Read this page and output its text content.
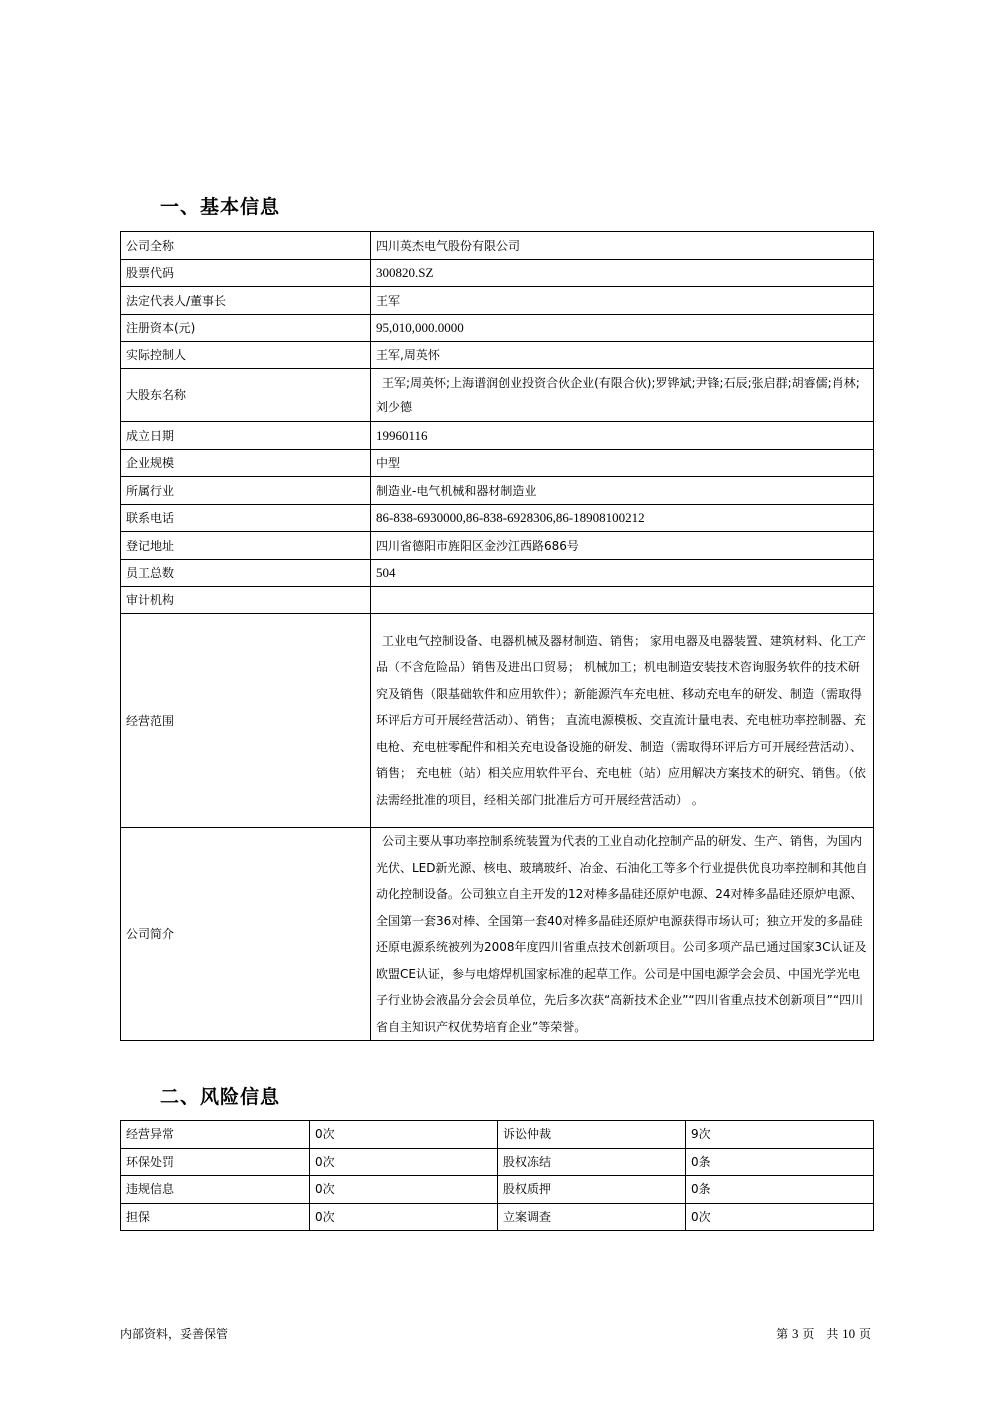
一、基本信息
公司全称	四川英杰电气股份有限公司
股票代码	300820.SZ
法定代表人/董事长	王军
注册资本(元)	95,010,000.0000
实际控制人	王军,周英怀
大股东名称	王军;周英怀;上海谱润创业投资合伙企业(有限合伙);罗铧斌;尹锋;石辰;张启群;胡睿儒;肖林;刘少德
成立日期	19960116
企业规模	中型
所属行业	制造业-电气机械和器材制造业
联系电话	86-838-6930000,86-838-6928306,86-18908100212
登记地址	四川省德阳市旌阳区金沙江西路686号
员工总数	504
审计机构	
经营范围	工业电气控制设备、电器机械及器材制造、销售； 家用电器及电器装置、建筑材料、化工产品（不含危险品）销售及进出口贸易； 机械加工；机电制造安装技术咨询服务软件的技术研究及销售（限基础软件和应用软件）；新能源汽车充电桩、移动充电车的研发、制造（需取得环评后方可开展经营活动）、销售； 直流电源模板、交直流计量电表、充电桩功率控制器、充电枪、充电桩零配件和相关充电设备设施的研发、制造（需取得环评后方可开展经营活动）、销售； 充电桩（站）相关应用软件平台、充电桩（站）应用解决方案技术的研究、销售。（依法需经批准的项目，经相关部门批准后方可开展经营活动） 。
公司简介	公司主要从事功率控制系统装置为代表的工业自动化控制产品的研发、生产、销售，为国内光伏、LED新光源、核电、玻璃玻纤、冶金、石油化工等多个行业提供优良功率控制和其他自动化控制设备。公司独立自主开发的12对棒多晶硅还原炉电源、24对棒多晶硅还原炉电源、全国第一套36对棒、全国第一套40对棒多晶硅还原炉电源获得市场认可；独立开发的多晶硅还原电源系统被列为2008年度四川省重点技术创新项目。公司多项产品已通过国家3C认证及欧盟CE认证，参与电熔焊机国家标准的起草工作。公司是中国电源学会会员、中国光学光电子行业协会液晶分会会员单位，先后多次获“高新技术企业”“四川省重点技术创新项目”“四川省自主知识产权优势培育企业”等荣誉。
二、风险信息
经营异常	0次	诉讼仲裁	9次
环保处罚	0次	股权冻结	0条
违规信息	0次	股权质押	0条
担保	0次	立案调查	0次
内部资料，妥善保管	第 3 页　共 10 页
